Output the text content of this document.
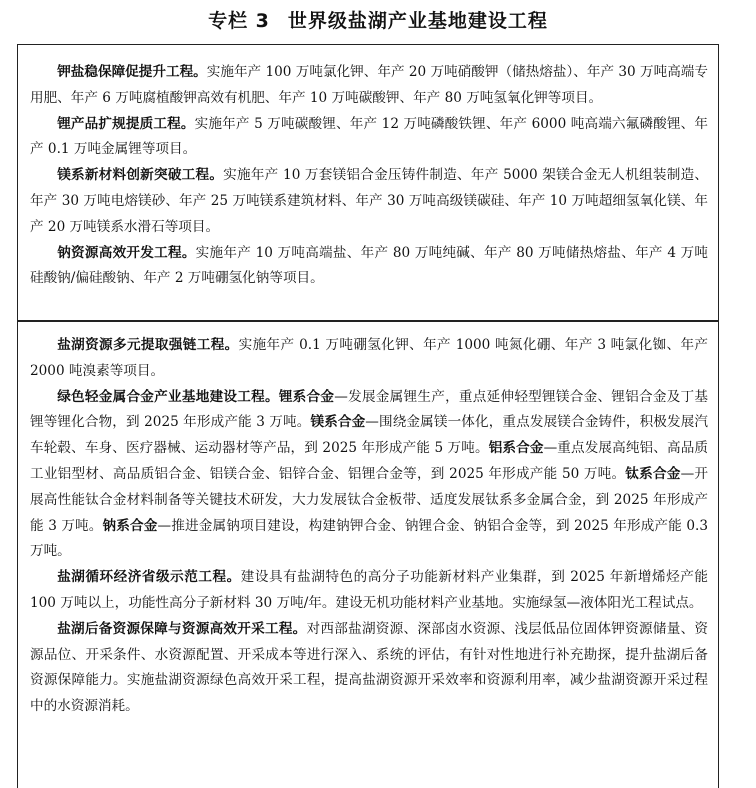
专栏 3 世界级盐湖产业基地建设工程

钾盐稳保障促提升工程。实施年产 100 万吨氯化钾、年产 20 万吨硝酸钾（储热熔盐）、年产 30 万吨高端专用肥、年产 6 万吨腐植酸钾高效有机肥、年产 10 万吨碳酸钾、年产 80 万吨氢氧化钾等项目。

锂产品扩规提质工程。实施年产 5 万吨碳酸锂、年产 12 万吨磷酸铁锂、年产 6000 吨高端六氟磷酸锂、年产 0.1 万吨金属锂等项目。

镁系新材料创新突破工程。实施年产 10 万套镁铝合金压铸件制造、年产 5000 架镁合金无人机组装制造、年产 30 万吨电熔镁砂、年产 25 万吨镁系建筑材料、年产 30 万吨高级镁碳硅、年产 10 万吨超细氢氧化镁、年产 20 万吨镁系水滑石等项目。

钠资源高效开发工程。实施年产 10 万吨高端盐、年产 80 万吨纯碱、年产 80 万吨储热熔盐、年产 4 万吨硅酸钠/偏硅酸钠、年产 2 万吨硼氢化钠等项目。

盐湖资源多元提取强链工程。实施年产 0.1 万吨硼氢化钾、年产 1000 吨氮化硼、年产 3 吨氯化铷、年产 2000 吨溴素等项目。

绿色轻金属合金产业基地建设工程。锂系合金—发展金属锂生产，重点延伸轻型锂镁合金、锂铝合金及丁基锂等锂化合物，到 2025 年形成产能 3 万吨。镁系合金—围绕金属镁一体化，重点发展镁合金铸件，积极发展汽车轮毂、车身、医疗器械、运动器材等产品，到 2025 年形成产能 5 万吨。铝系合金—重点发展高纯铝、高品质工业铝型材、高品质铝合金、铝镁合金、铝锌合金、铝锂合金等，到 2025 年形成产能 50 万吨。钛系合金—开展高性能钛合金材料制备等关键技术研发，大力发展钛合金板带、适度发展钛系多金属合金，到 2025 年形成产能 3 万吨。钠系合金—推进金属钠项目建设，构建钠钾合金、钠锂合金、钠铝合金等，到 2025 年形成产能 0.3 万吨。

盐湖循环经济省级示范工程。建设具有盐湖特色的高分子功能新材料产业集群，到 2025 年新增烯烃产能 100 万吨以上，功能性高分子新材料 30 万吨/年。建设无机功能材料产业基地。实施绿氢—液体阳光工程试点。

盐湖后备资源保障与资源高效开采工程。对西部盐湖资源、深部卤水资源、浅层低品位固体钾资源储量、资源品位、开采条件、水资源配置、开采成本等进行深入、系统的评估，有针对性地进行补充勘探，提升盐湖后备资源保障能力。实施盐湖资源绿色高效开采工程，提高盐湖资源开采效率和资源利用率，减少盐湖资源开采过程中的水资源消耗。
